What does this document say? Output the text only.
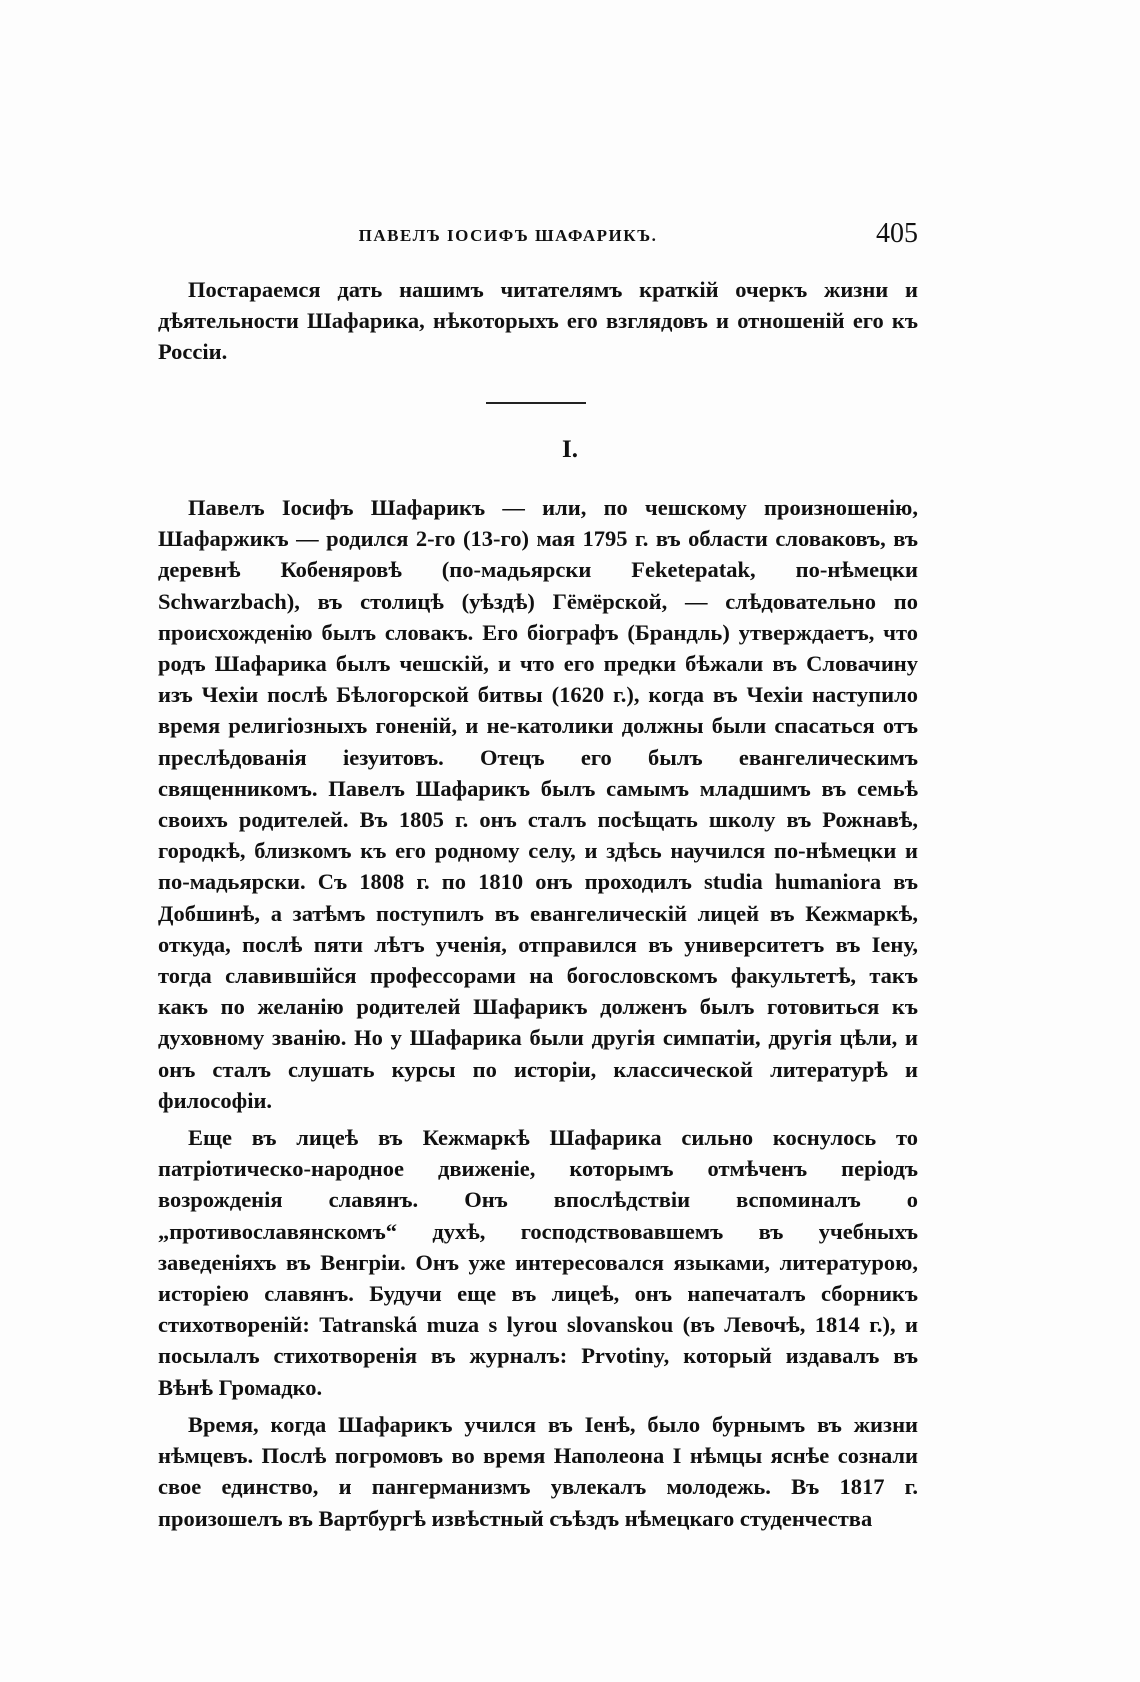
ПАВЕЛЪ ІОСИФЪ ШАФАРИКЪ.	405

Постараемся дать нашимъ читателямъ краткій очеркъ жизни и дѣятельности Шафарика, нѣкоторыхъ его взглядовъ и отношеній его къ Россіи.

I.

Павелъ Іосифъ Шафарикъ — или, по чешскому произношенію, Шафаржикъ — родился 2-го (13-го) мая 1795 г. въ области словаковъ, въ деревнѣ Кобеняровѣ (по-мадьярски Feketepatak, по-нѣмецки Schwarzbach), въ столицѣ (уѣздѣ) Гёмёрской, — слѣдовательно по происхожденію былъ словакъ. Его біографъ (Брандль) утверждаетъ, что родъ Шафарика былъ чешскій, и что его предки бѣжали въ Словачину изъ Чехіи послѣ Бѣлогорской битвы (1620 г.), когда въ Чехіи наступило время религіозныхъ гоненій, и не-католики должны были спасаться отъ преслѣдованія іезуитовъ. Отецъ его былъ евангелическимъ священникомъ. Павелъ Шафарикъ былъ самымъ младшимъ въ семьѣ своихъ родителей. Въ 1805 г. онъ сталъ посѣщать школу въ Рожнавѣ, городкѣ, близкомъ къ его родному селу, и здѣсь научился по-нѣмецки и по-мадьярски. Съ 1808 г. по 1810 онъ проходилъ studia humaniora въ Добшинѣ, а затѣмъ поступилъ въ евангелическій лицей въ Кежмаркѣ, откуда, послѣ пяти лѣтъ ученія, отправился въ университетъ въ Іену, тогда славившійся профессорами на богословскомъ факультетѣ, такъ какъ по желанію родителей Шафарикъ долженъ былъ готовиться къ духовному званію. Но у Шафарика были другія симпатіи, другія цѣли, и онъ сталъ слушать курсы по исторіи, классической литературѣ и философіи.

Еще въ лицеѣ въ Кежмаркѣ Шафарика сильно коснулось то патріотическо-народное движеніе, которымъ отмѣченъ періодъ возрожденія славянъ. Онъ впослѣдствіи вспоминалъ о „противославянскомъ“ духѣ, господствовавшемъ въ учебныхъ заведеніяхъ въ Венгріи. Онъ уже интересовался языками, литературою, исторіею славянъ. Будучи еще въ лицеѣ, онъ напечаталъ сборникъ стихотвореній: Tatranská muza s lyrou slovanskou (въ Левочѣ, 1814 г.), и посылалъ стихотворенія въ журналъ: Prvotiny, который издавалъ въ Вѣнѣ Громадко.

Время, когда Шафарикъ учился въ Іенѣ, было бурнымъ въ жизни нѣмцевъ. Послѣ погромовъ во время Наполеона I нѣмцы яснѣе сознали свое единство, и пангерманизмъ увлекалъ молодежь. Въ 1817 г. произошелъ въ Вартбургѣ извѣстный съѣздъ нѣмецкаго студенчества
